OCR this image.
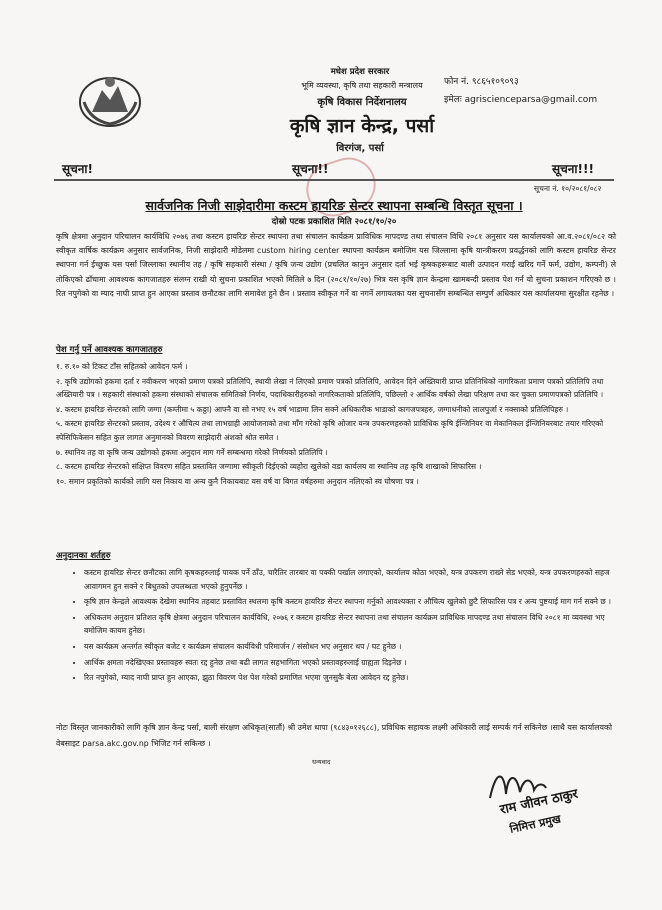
मधेश प्रदेश सरकार
भूमि व्यवस्था, कृषि तथा सहकारी मन्त्रालय
कृषि विकास निर्देशनालय
कृषि ज्ञान केन्द्र, पर्सा
विरगंज, पर्सा
फोन नं. ९८६५१०९०९३
इमेलः agriscienceparsa@gmail.com
सूचना!	सूचना!!	सूचना!!!
सूचना नं. १०/२०८१/०८२
सार्वजनिक निजी साझेदारीमा कस्टम हायरिङ सेन्टर स्थापना सम्बन्धि विस्तृत सूचना ।
दोस्रो पटक प्रकाशित मिति २०८१/१०/२०
कृषि क्षेत्रमा अनुदान परिचालन कार्यविधि २०७६ तथा कस्टम हायरिङ सेन्टर स्थापना तथा संचालन कार्यक्रम प्राविधिक मापदण्ड तथा संचालन विधि २०८१ अनुसार यस कार्यालयको आ.व.२०८१/०८२ को स्वीकृत वार्षिक कार्यक्रम अनुसार सार्वजनिक, निजी साझेदारी मोडेलमा custom hiring center स्थापना कार्यक्रम बमोजिम यस जिल्लामा कृषि यान्त्रीकरण प्रवर्द्धनको लागि कस्टम हायरिङ सेन्टर स्थापना गर्न ईच्छुक यस पर्सा जिल्लाका स्थानीय तह / कृषि सहकारी संस्था / कृषि जन्य उद्योग (प्रचलित कानुन अनुसार दर्ता भई कृषकहरूबाट बाली उत्पादन गराई खरिद गर्ने फर्म, उद्योग, कम्पनी) ले तोकिएको ढाँचामा आवश्यक कागजातहरु संलग्न राखी यो सुचना प्रकाशित भएको मितिले ७ दिन (२०८१/१०/२७) भित्र यस कृषि ज्ञान केन्द्रमा खामबन्दी प्रस्ताव पेश गर्न यो सुचना प्रकाशन गरिएको छ । रित नपुगेको वा म्याद नाघी प्राप्त हुन आएका प्रस्ताव छनौटका लागि समावेश हुने छैन । प्रस्ताव स्वीकृत गर्ने वा नगर्ने लगायतका यस सुचनासँग सम्बन्धित सम्पुर्ण अधिकार यस कार्यालयमा सुरक्षीत रहनेछ ।
पेश गर्नु पर्ने आवश्यक कागजातहरु
१. रु.१० को टिकट टाँस सहितको आवेदन फर्म ।
२. कृषि उद्योगको हकमा दर्ता र नवीकरण भएको प्रमाण पत्रको प्रतिलिपि, स्थायी लेखा नं लिएको प्रमाण पत्रको प्रतिलिपि, आवेदन दिने अख्तियारी प्राप्त प्रतिनिधिको नागरिकता प्रमाण पत्रको प्रतिलिपि तथा अख्तियारी पत्र । सहकारी संस्थाको हकमा संस्थाको संचालक समितिको निर्णय, पदाधिकारीहरुको नागरिकताको प्रतिलिपि, पछिल्लो २ आर्थिक वर्षको लेखा परिक्षण तथा कर चुक्ता प्रमाणपत्रको प्रतिलिपि ।
४. कस्टम हायरिङ सेन्टरको लागि जग्गा (कम्तीमा ५ कठ्ठा) आफ्नै वा सो नभए १५ वर्ष भाडामा लिन सक्ने अधिकारीक भाडाको कागजपत्रहरु, जग्गाधनीको लालपुर्जा र नक्साको प्रतिलिपिहरु ।
५. कस्टम हायरिङ सेन्टरको प्रस्ताव, उदेश्य र औचित्य तथा लाभग्राही आयोजनाको तथा माँग गरेको कृषि ओजार यन्त्र उपकरणहरुको प्राविधिक कृषि ईन्जिनियर वा मेकानिकल ईन्जिनियरबाट तयार गरिएको स्पेसिफिकेसन सहित कुल लागत अनुमानको विवरण साझेदारी अंशको श्रोत समेत ।
७. स्थानिय तह वा कृषि जन्य उद्योगको हकमा अनुदान माग गर्ने सम्बन्धमा गरेको निर्णयको प्रतिलिपि ।
८. कस्टम हायरिङ सेन्टरको संक्षिप्त विवरण सहित प्रस्तावित जग्गामा स्वीकृती दिईएको व्यहोरा खुलेको वडा कार्यलय वा स्थानिय तह कृषि शाखाको सिफारिस ।
१०. समान प्रकृतिको कार्यको लागि यस निकाय वा अन्य कुनै निकायबाट यस वर्ष वा बिगत वर्षहरुमा अनुदान नलिएको स्व घोषणा पत्र ।
अनुदानका शर्तहरु
• कस्टम हायरिङ सेन्टर छनौटका लागि कृषकहरुलाई पायक पर्ने ठाँउ, चारैतिर तारबार वा पक्की पर्खाल लगाएको, कार्यालय कोठा भएको, यन्त्र उपकरण राख्ने सेड भएको, यन्त्र उपकरणहरुको सहज आवागमन हुन सक्ने र बिधुतको उपलब्धता भएको हुनुपर्नेछ ।
• कृषि ज्ञान केन्द्रले आवश्यक देखेमा स्थानिय तहबाट प्रस्तावित स्थलमा कृषि कस्टम हायरिङ सेन्टर स्थापना गर्नुको आवश्यक्ता र औचित्य खुलेको छुटै सिफारिस पत्र र अन्य पुष्टयाई माग गर्न सक्ने छ ।
• अधिकतम अनुदान प्रतिशत कृषि क्षेत्रमा अनुदान परिचालन कार्यविधि, २०७६ र कस्टम हायरिङ सेन्टर स्थापना तथा संचालन कार्यक्रम प्राविधिक मापदण्ड तथा संचालन विधि २०८१ मा व्यवस्था भए बमोजिम कायम हुनेछ।
• यस कार्यक्रम अन्तर्गत स्वीकृत बजेट र कार्यक्रम संचालन कार्यविधी परिमार्जन / संसोधन भए अनुसार थप / घट हुनेछ ।
• आर्थिक क्षमता नदेखिएका प्रस्तावहरु स्वतः रद्द हुनेछ तथा बढी लागत सहभागिता भएको प्रस्तावहरुलाई ग्राह्यता दिइनेछ ।
• रित नपुगेको, म्याद नाघी प्राप्त हुन आएका, झुठा विवरण पेश पेश गरेको प्रमाणित भएमा जुनसुकै बेला आवेदन रद्द हुनेछ।
नोटः विस्तृत जानकारीको लागि कृषि ज्ञान केन्द्र पर्सा, बाली संरक्षण अधिकृत(सातौं) श्री उमेश थापा (९८४३०१२६८८), प्रविधिक सहायक लक्ष्मी अधिकारी लाई सम्पर्क गर्न सकिनेछ ।साथै यस कार्यालयको वेबसाइट parsa.akc.gov.np भिजिट गर्न सकिन्छ ।
धन्यवाद
राम जीवन ठाकुर
निमित्त प्रमुख
